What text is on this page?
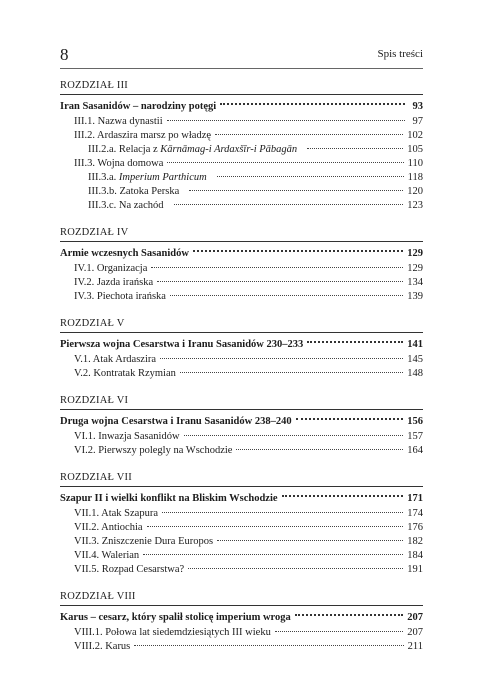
8	Spis treści
ROZDZIAŁ III
Iran Sasanidów – narodziny potęgi	93
III.1. Nazwa dynastii	97
III.2. Ardaszira marsz po władzę	102
III.2.a. Relacja z Kārnāmag-i Ardaxšīr-i Pābagān	105
III.3. Wojna domowa	110
III.3.a. Imperium Parthicum	118
III.3.b. Zatoka Perska	120
III.3.c. Na zachód	123
ROZDZIAŁ IV
Armie wczesnych Sasanidów	129
IV.1. Organizacja	129
IV.2. Jazda irańska	134
IV.3. Piechota irańska	139
ROZDZIAŁ V
Pierwsza wojna Cesarstwa i Iranu Sasanidów 230–233	141
V.1. Atak Ardaszira	145
V.2. Kontratak Rzymian	148
ROZDZIAŁ VI
Druga wojna Cesarstwa i Iranu Sasanidów 238–240	156
VI.1. Inwazja Sasanidów	157
VI.2. Pierwszy polegly na Wschodzie	164
ROZDZIAŁ VII
Szapur II i wielki konflikt na Bliskim Wschodzie	171
VII.1. Atak Szapura	174
VII.2. Antiochia	176
VII.3. Zniszczenie Dura Europos	182
VII.4. Walerian	184
VII.5. Rozpad Cesarstwa?	191
ROZDZIAŁ VIII
Karus – cesarz, który spalił stolicę imperium wroga	207
VIII.1. Połowa lat siedemdziesiątych III wieku	207
VIII.2. Karus	211
